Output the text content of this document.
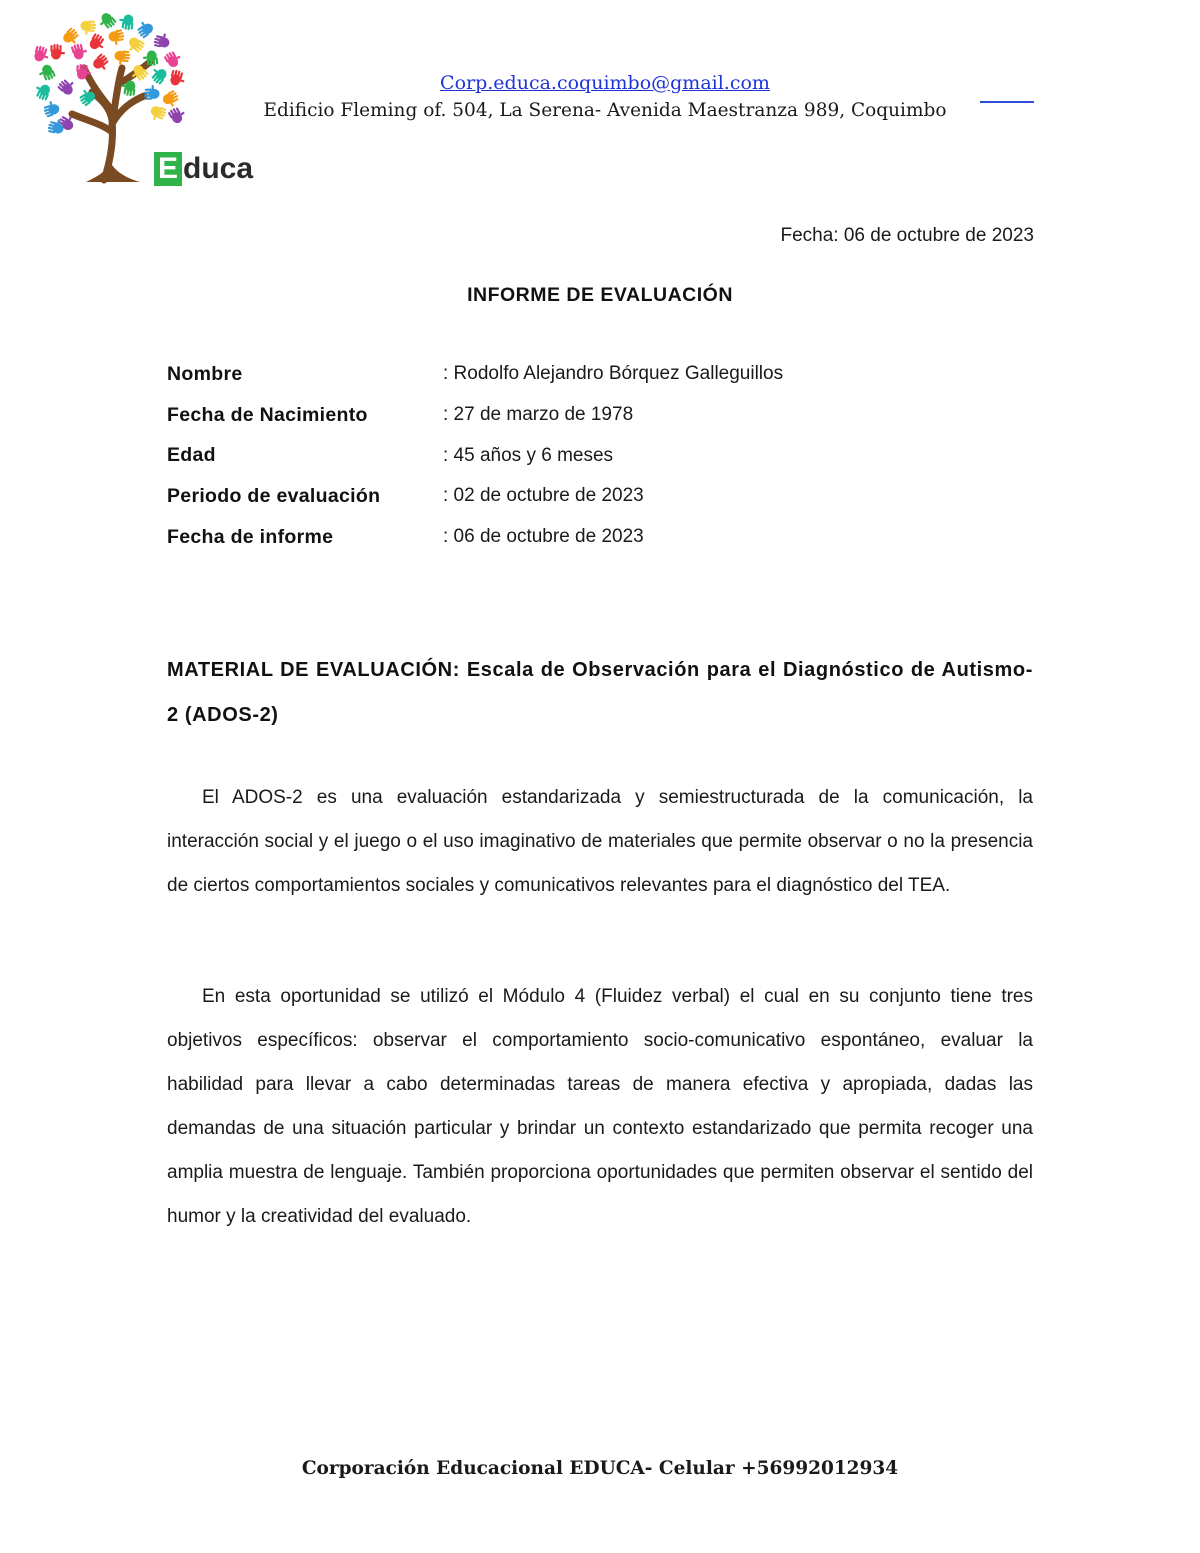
E duca
Corp.educa.coquimbo@gmail.com
Edificio Fleming of. 504, La Serena- Avenida Maestranza 989, Coquimbo
Fecha: 06 de octubre de 2023
INFORME DE EVALUACIÓN
Nombre	: Rodolfo Alejandro Bórquez Galleguillos
Fecha de Nacimiento	: 27 de marzo de 1978
Edad	: 45 años y 6 meses
Periodo de evaluación	: 02 de octubre de 2023
Fecha de informe	: 06 de octubre de 2023
MATERIAL DE EVALUACIÓN: Escala de Observación para el Diagnóstico de Autismo-2 (ADOS-2)

El ADOS-2 es una evaluación estandarizada y semiestructurada de la comunicación, la interacción social y el juego o el uso imaginativo de materiales que permite observar o no la presencia de ciertos comportamientos sociales y comunicativos relevantes para el diagnóstico del TEA.

En esta oportunidad se utilizó el Módulo 4 (Fluidez verbal) el cual en su conjunto tiene tres objetivos específicos: observar el comportamiento socio-comunicativo espontáneo, evaluar la habilidad para llevar a cabo determinadas tareas de manera efectiva y apropiada, dadas las demandas de una situación particular y brindar un contexto estandarizado que permita recoger una amplia muestra de lenguaje. También proporciona oportunidades que permiten observar el sentido del humor y la creatividad del evaluado.

Corporación Educacional EDUCA- Celular +56992012934
